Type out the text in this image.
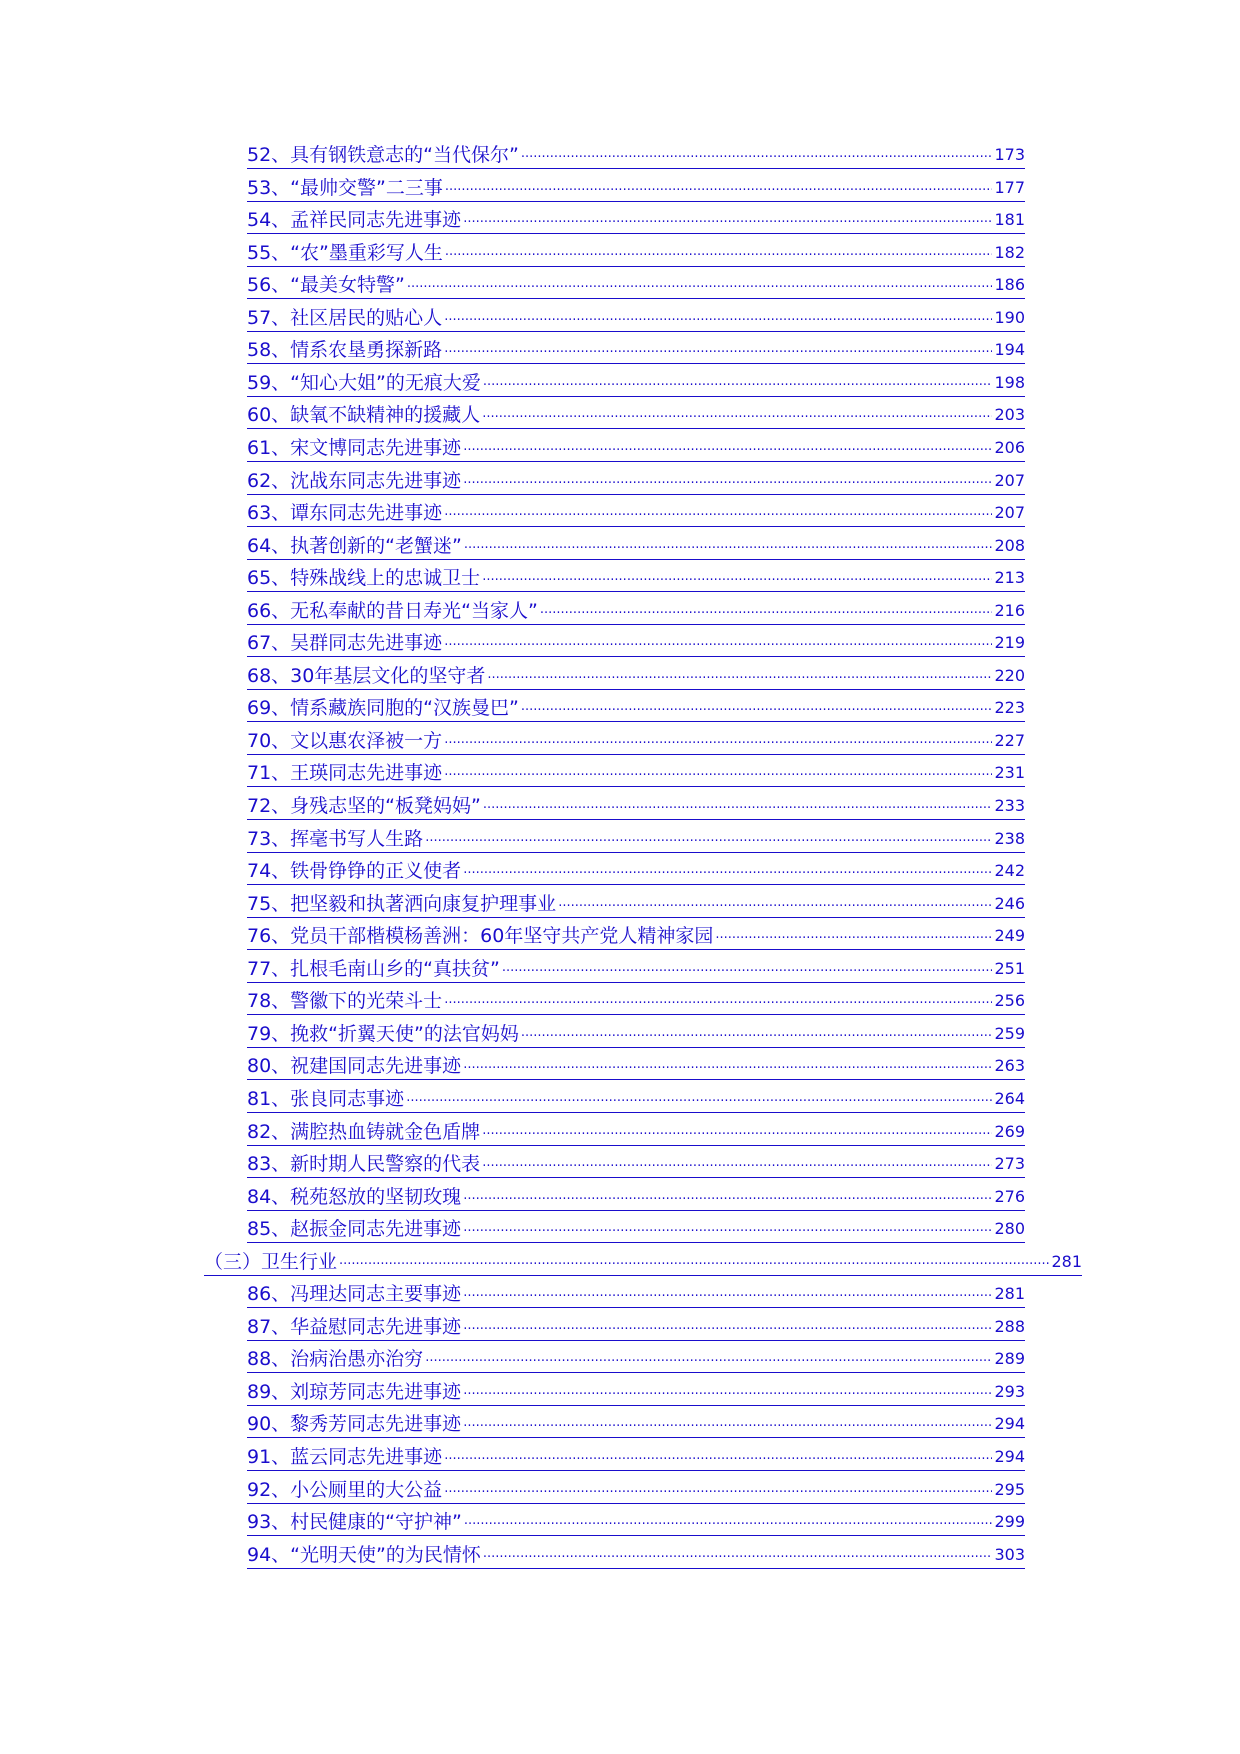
52、具有钢铁意志的“当代保尔” .....	173
53、“最帅交警”二三事 .....	177
54、孟祥民同志先进事迹 .....	181
55、“农”墨重彩写人生 .....	182
56、“最美女特警” .....	186
57、社区居民的贴心人 .....	190
58、情系农垦勇探新路 .....	194
59、“知心大姐”的无痕大爱 .....	198
60、缺氧不缺精神的援藏人 .....	203
61、宋文博同志先进事迹 .....	206
62、沈战东同志先进事迹 .....	207
63、谭东同志先进事迹 .....	207
64、执著创新的“老蟹迷” .....	208
65、特殊战线上的忠诚卫士 .....	213
66、无私奉献的昔日寿光“当家人” .....	216
67、吴群同志先进事迹 .....	219
68、30年基层文化的坚守者 .....	220
69、情系藏族同胞的“汉族曼巴” .....	223
70、文以惠农泽被一方 .....	227
71、王瑛同志先进事迹 .....	231
72、身残志坚的“板凳妈妈” .....	233
73、挥毫书写人生路 .....	238
74、铁骨铮铮的正义使者 .....	242
75、把坚毅和执著洒向康复护理事业 .....	246
76、党员干部楷模杨善洲：60年坚守共产党人精神家园 .....	249
77、扎根毛南山乡的“真扶贫” .....	251
78、警徽下的光荣斗士 .....	256
79、挽救“折翼天使”的法官妈妈 .....	259
80、祝建国同志先进事迹 .....	263
81、张良同志事迹 .....	264
82、满腔热血铸就金色盾牌 .....	269
83、新时期人民警察的代表 .....	273
84、税苑怒放的坚韧玫瑰 .....	276
85、赵振金同志先进事迹 .....	280
（三）卫生行业 .....	281
86、冯理达同志主要事迹 .....	281
87、华益慰同志先进事迹 .....	288
88、治病治愚亦治穷 .....	289
89、刘琼芳同志先进事迹 .....	293
90、黎秀芳同志先进事迹 .....	294
91、蓝云同志先进事迹 .....	294
92、小公厕里的大公益 .....	295
93、村民健康的“守护神” .....	299
94、“光明天使”的为民情怀 .....	303
